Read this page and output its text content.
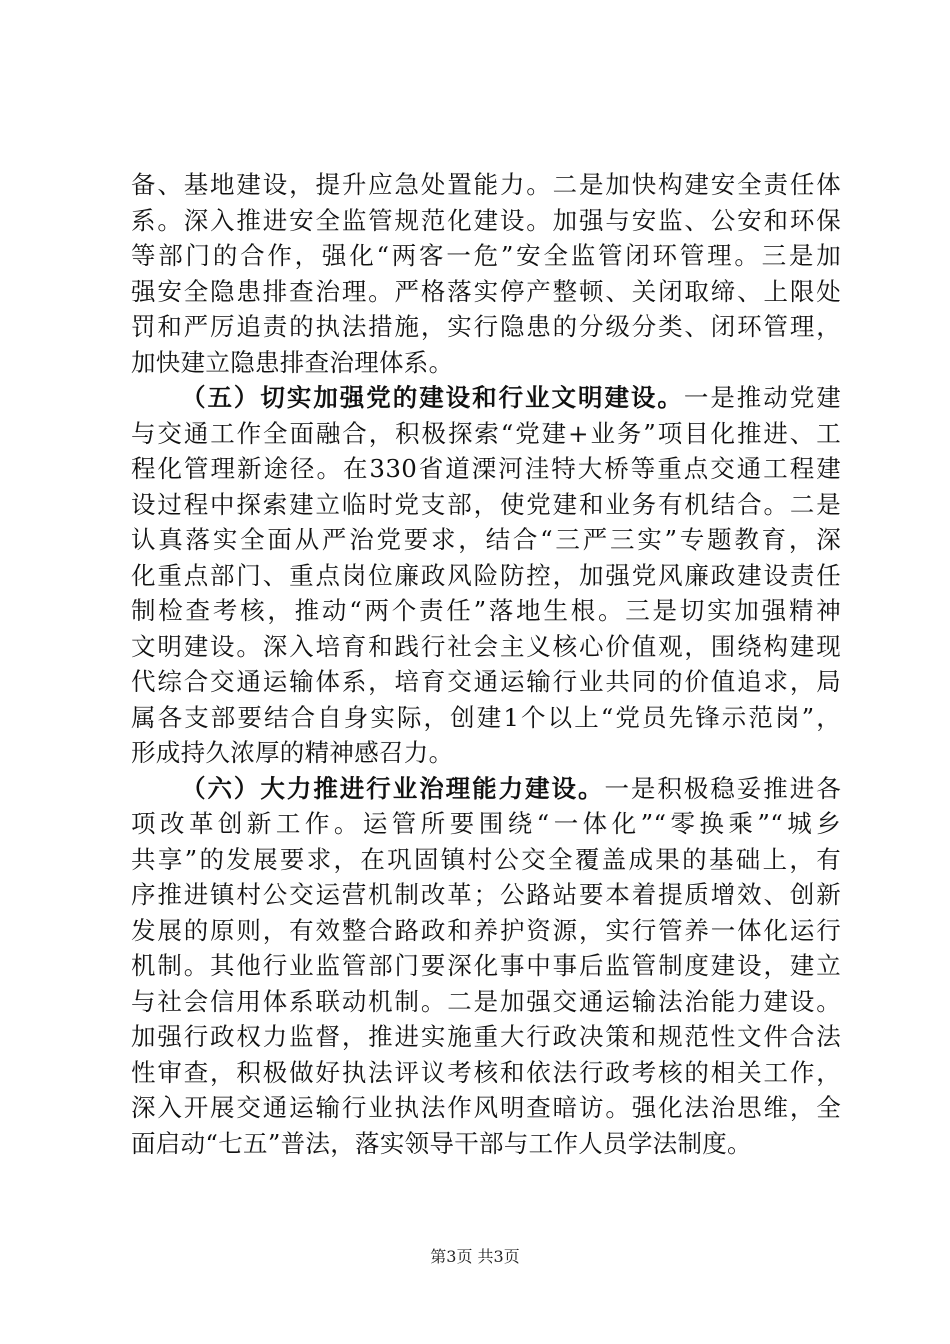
备、基地建设，提升应急处置能力。二是加快构建安全责任体
系。深入推进安全监管规范化建设。加强与安监、公安和环保
等部门的合作，强化“两客一危”安全监管闭环管理。三是加
强安全隐患排查治理。严格落实停产整顿、关闭取缔、上限处
罚和严厉追责的执法措施，实行隐患的分级分类、闭环管理，
加快建立隐患排查治理体系。
（五）切实加强党的建设和行业文明建设。一是推动党建
与交通工作全面融合，积极探索“党建+业务”项目化推进、工
程化管理新途径。在330省道溧河洼特大桥等重点交通工程建
设过程中探索建立临时党支部，使党建和业务有机结合。二是
认真落实全面从严治党要求，结合“三严三实”专题教育，深
化重点部门、重点岗位廉政风险防控，加强党风廉政建设责任
制检查考核，推动“两个责任”落地生根。三是切实加强精神
文明建设。深入培育和践行社会主义核心价值观，围绕构建现
代综合交通运输体系，培育交通运输行业共同的价值追求，局
属各支部要结合自身实际，创建1个以上“党员先锋示范岗”，
形成持久浓厚的精神感召力。
（六）大力推进行业治理能力建设。一是积极稳妥推进各
项改革创新工作。运管所要围绕“一体化”“零换乘”“城乡
共享”的发展要求，在巩固镇村公交全覆盖成果的基础上，有
序推进镇村公交运营机制改革；公路站要本着提质增效、创新
发展的原则，有效整合路政和养护资源，实行管养一体化运行
机制。其他行业监管部门要深化事中事后监管制度建设，建立
与社会信用体系联动机制。二是加强交通运输法治能力建设。
加强行政权力监督，推进实施重大行政决策和规范性文件合法
性审查，积极做好执法评议考核和依法行政考核的相关工作，
深入开展交通运输行业执法作风明查暗访。强化法治思维，全
面启动“七五”普法，落实领导干部与工作人员学法制度。
第3页 共3页
